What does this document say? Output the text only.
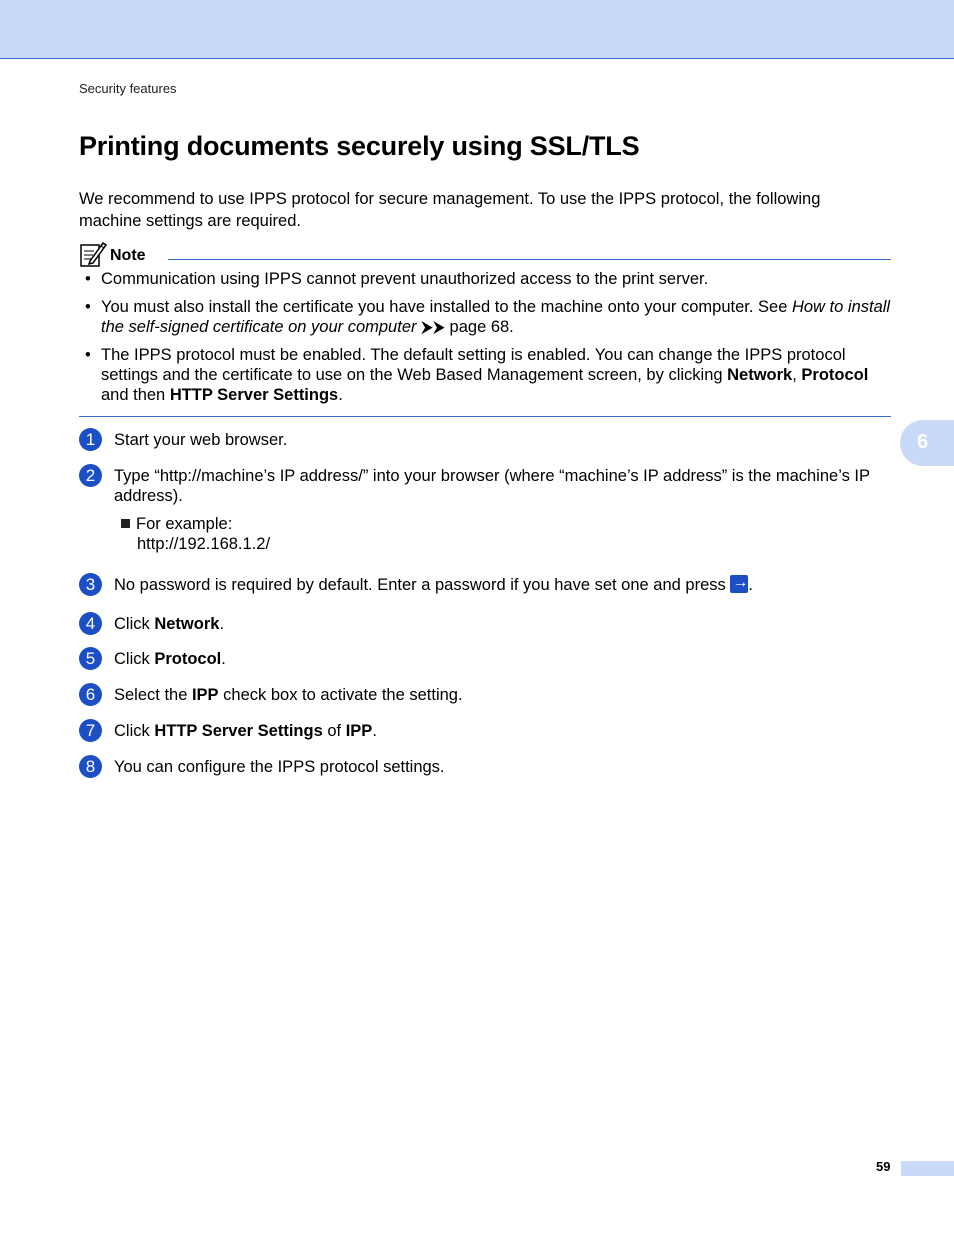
Security features
Printing documents securely using SSL/TLS

We recommend to use IPPS protocol for secure management. To use the IPPS protocol, the following machine settings are required.

Note
• Communication using IPPS cannot prevent unauthorized access to the print server.
• You must also install the certificate you have installed to the machine onto your computer. See How to install the self-signed certificate on your computer ⮞⮞ page 68.
• The IPPS protocol must be enabled. The default setting is enabled. You can change the IPPS protocol settings and the certificate to use on the Web Based Management screen, by clicking Network, Protocol and then HTTP Server Settings.
6
1	Start your web browser.
2	Type “http://machine’s IP address/” into your browser (where “machine’s IP address” is the machine’s IP address).
For example:
http://192.168.1.2/
3	No password is required by default. Enter a password if you have set one and press →.
4	Click Network.
5	Click Protocol.
6	Select the IPP check box to activate the setting.
7	Click HTTP Server Settings of IPP.
8	You can configure the IPPS protocol settings.
59
